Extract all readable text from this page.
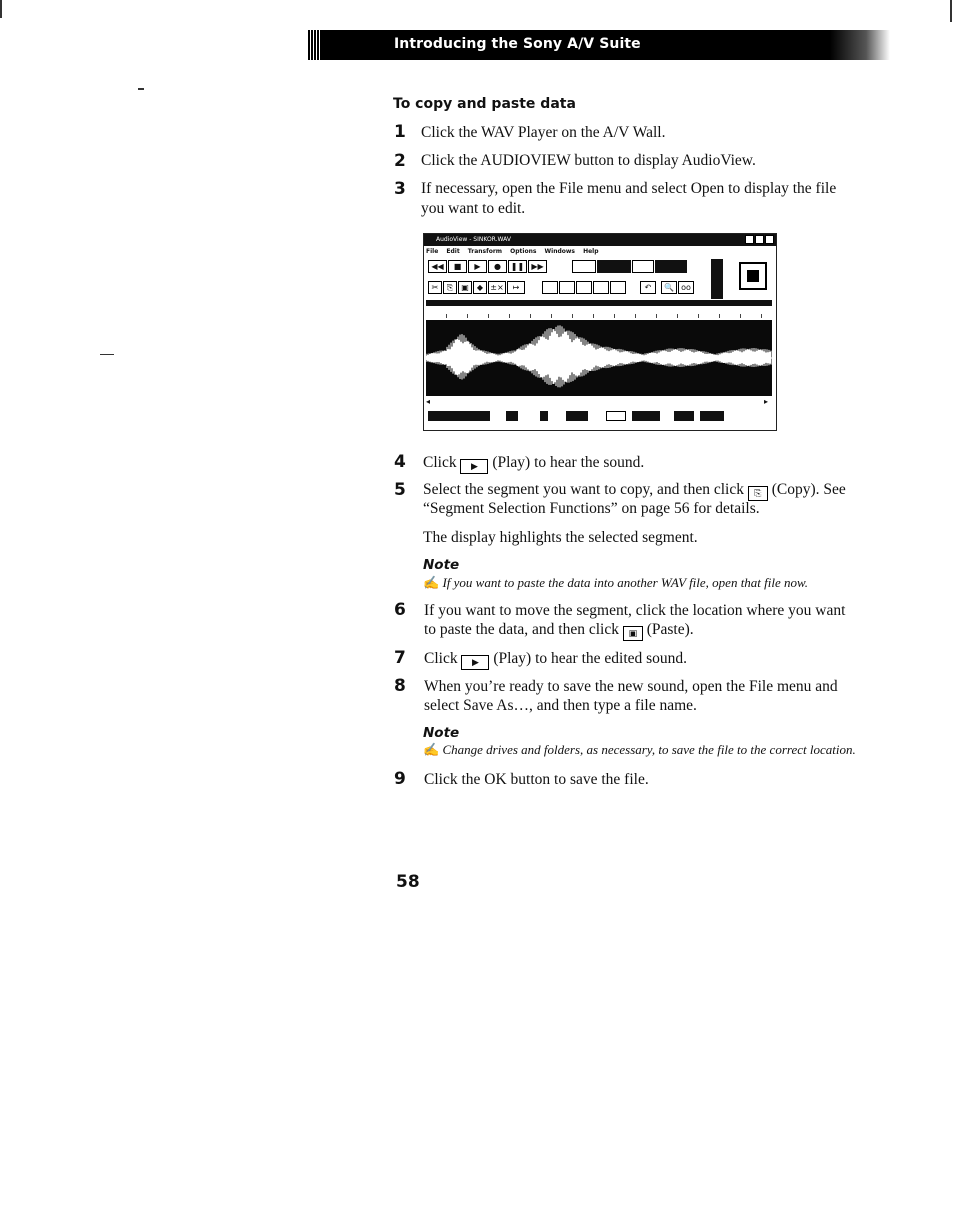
Introducing the Sony A/V Suite
To copy and paste data
1 Click the WAV Player on the A/V Wall.
2 Click the AUDIOVIEW button to display AudioView.
3 If necessary, open the File menu and select Open to display the file
you want to edit.
AudioView - SINKOR.WAV
File Edit Transform Options Windows Help
◀◀	■	▶	●	❚❚ ▶▶
✂	⎘	▣	◆ ±×	↦	↶	🔍 oo
◂	▸
4 Click ▶ (Play) to hear the sound.
5 Select the segment you want to copy, and then click ⎘ (Copy). See
“Segment Selection Functions” on page 56 for details.
The display highlights the selected segment.
Note
✍ If you want to paste the data into another WAV file, open that file now.
6 If you want to move the segment, click the location where you want
to paste the data, and then click ▣ (Paste).
7 Click ▶ (Play) to hear the edited sound.
8 When you’re ready to save the new sound, open the File menu and
select Save As…, and then type a file name.
Note
✍ Change drives and folders, as necessary, to save the file to the correct location.
9 Click the OK button to save the file.
58
